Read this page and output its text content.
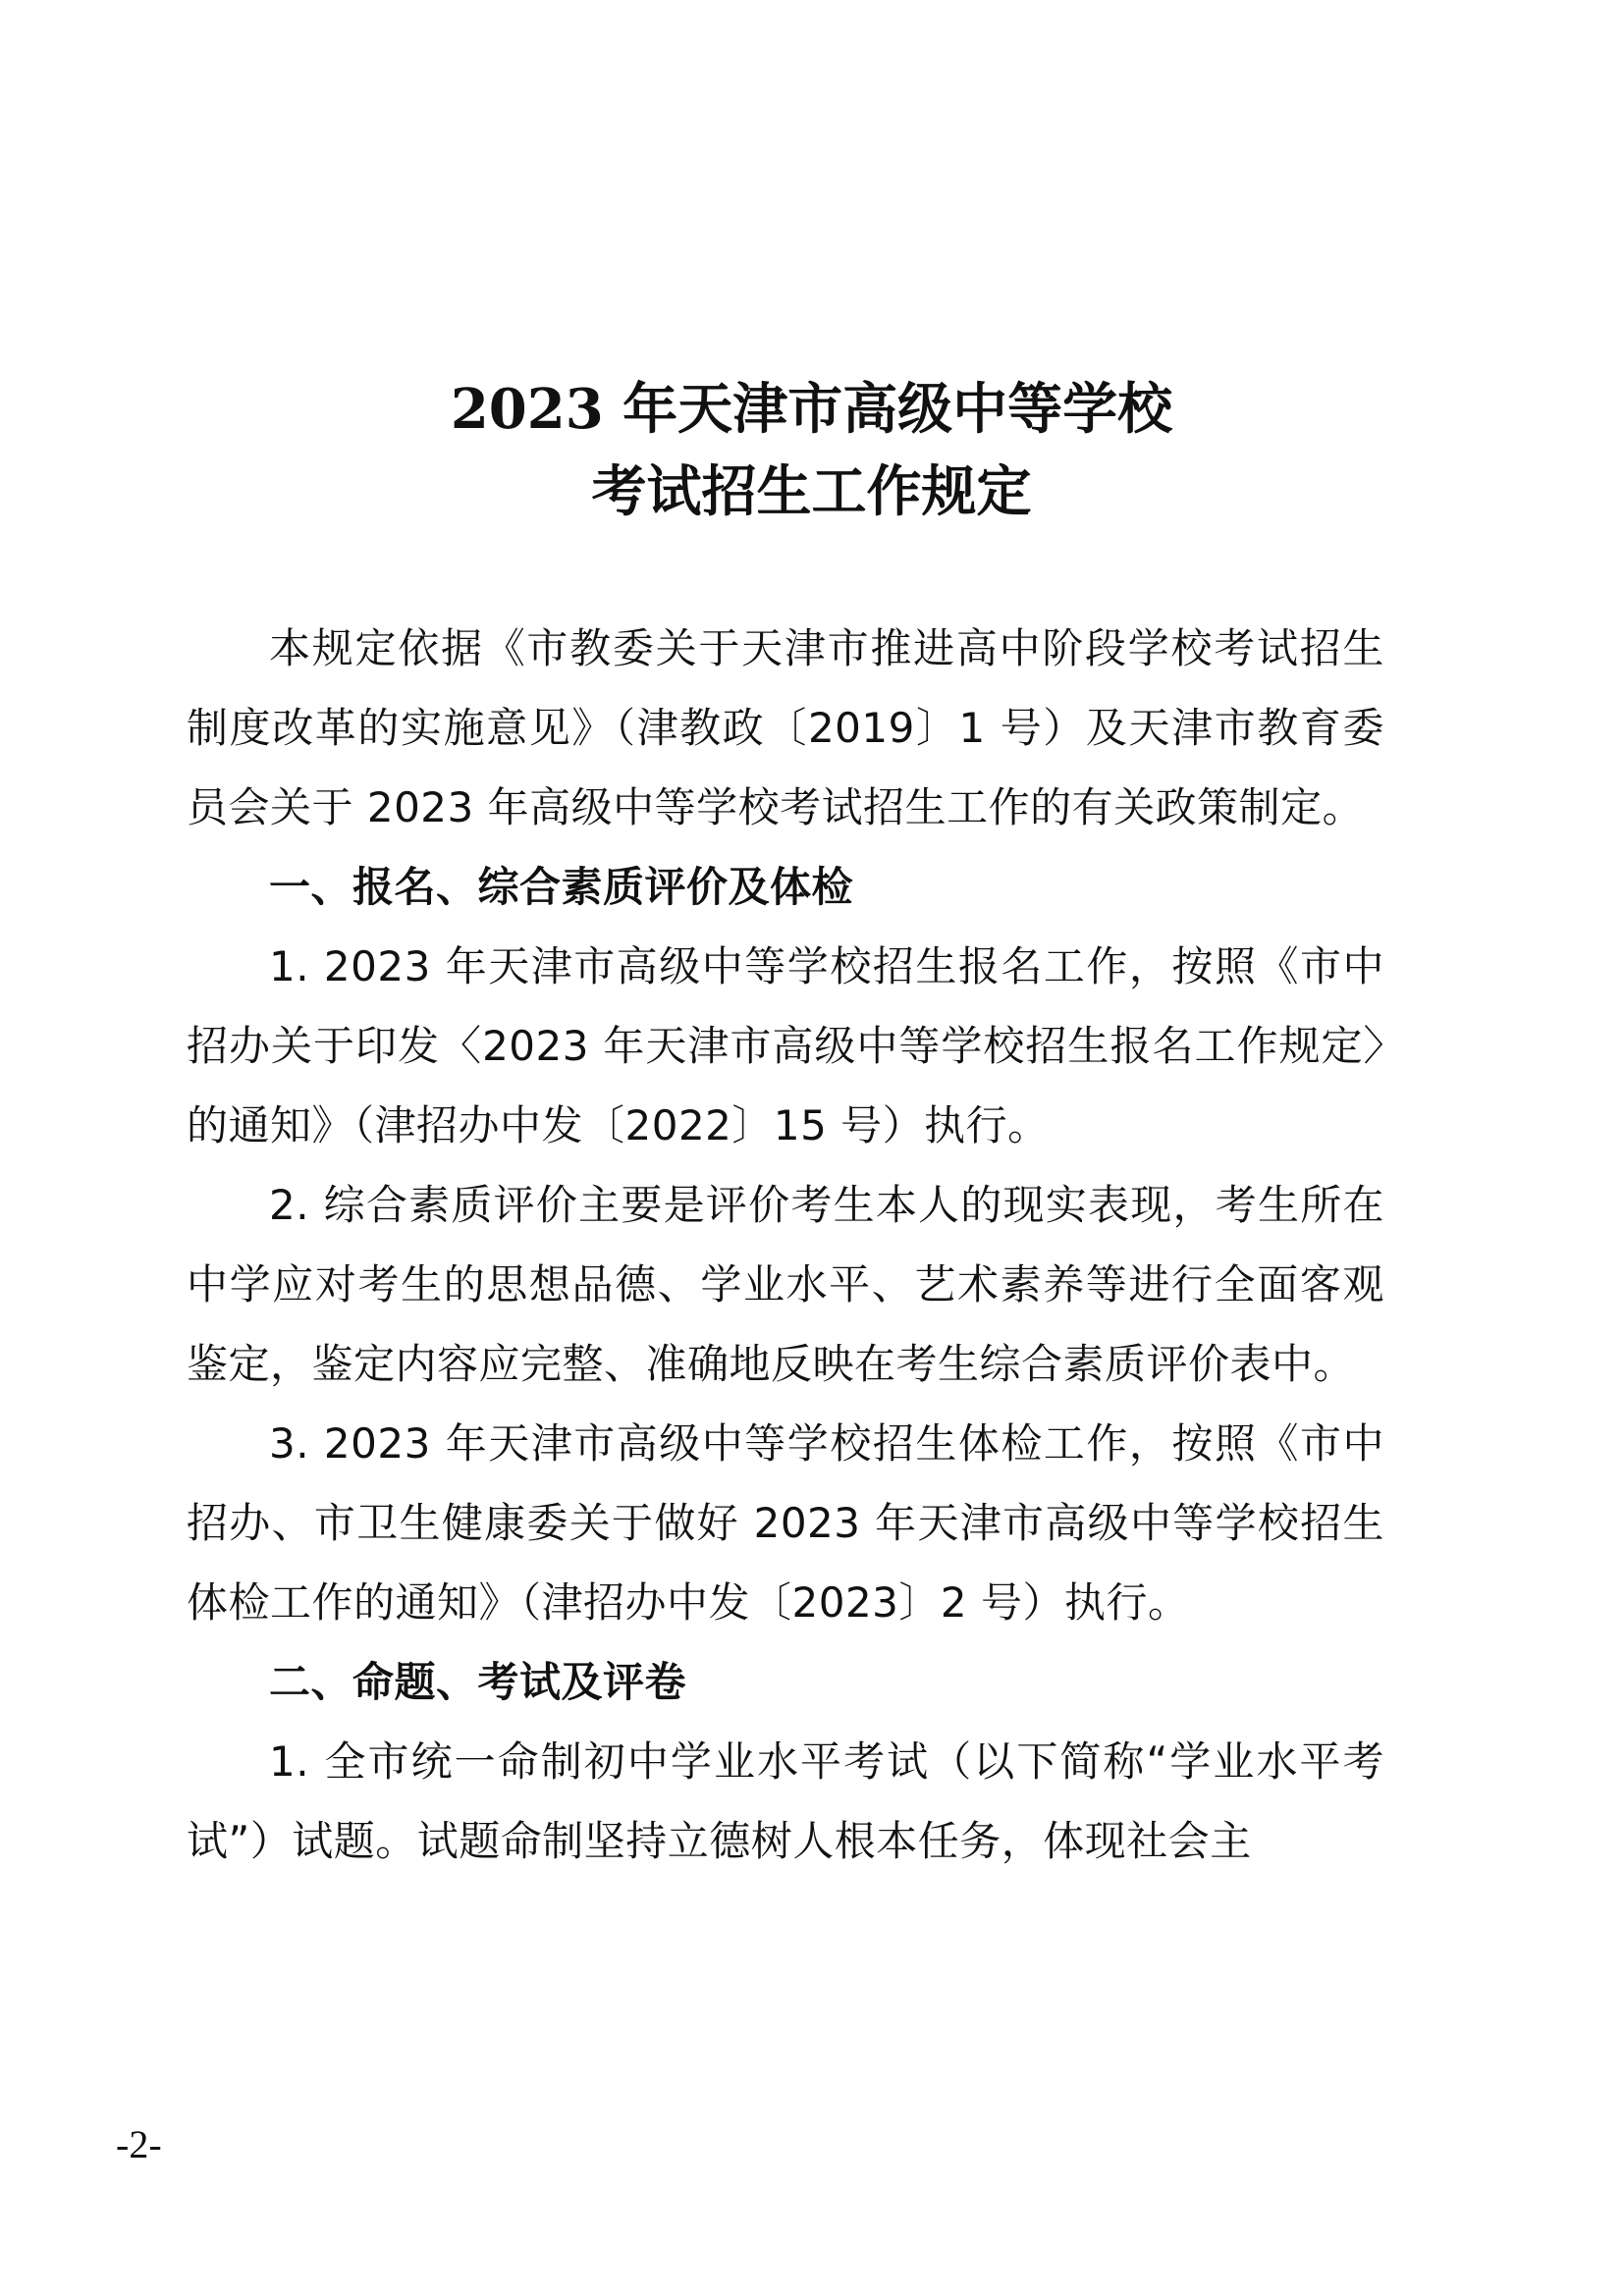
2023 年天津市高级中等学校
考试招生工作规定

本规定依据《市教委关于天津市推进高中阶段学校考试招生制度改革的实施意见》（津教政〔2019〕1 号）及天津市教育委员会关于 2023 年高级中等学校考试招生工作的有关政策制定。

一、报名、综合素质评价及体检

1. 2023 年天津市高级中等学校招生报名工作，按照《市中招办关于印发〈2023 年天津市高级中等学校招生报名工作规定〉的通知》（津招办中发〔2022〕15 号）执行。

2. 综合素质评价主要是评价考生本人的现实表现，考生所在中学应对考生的思想品德、学业水平、艺术素养等进行全面客观鉴定，鉴定内容应完整、准确地反映在考生综合素质评价表中。

3. 2023 年天津市高级中等学校招生体检工作，按照《市中招办、市卫生健康委关于做好 2023 年天津市高级中等学校招生体检工作的通知》（津招办中发〔2023〕2 号）执行。

二、命题、考试及评卷

1. 全市统一命制初中学业水平考试（以下简称“学业水平考试”）试题。试题命制坚持立德树人根本任务，体现社会主

-2-
